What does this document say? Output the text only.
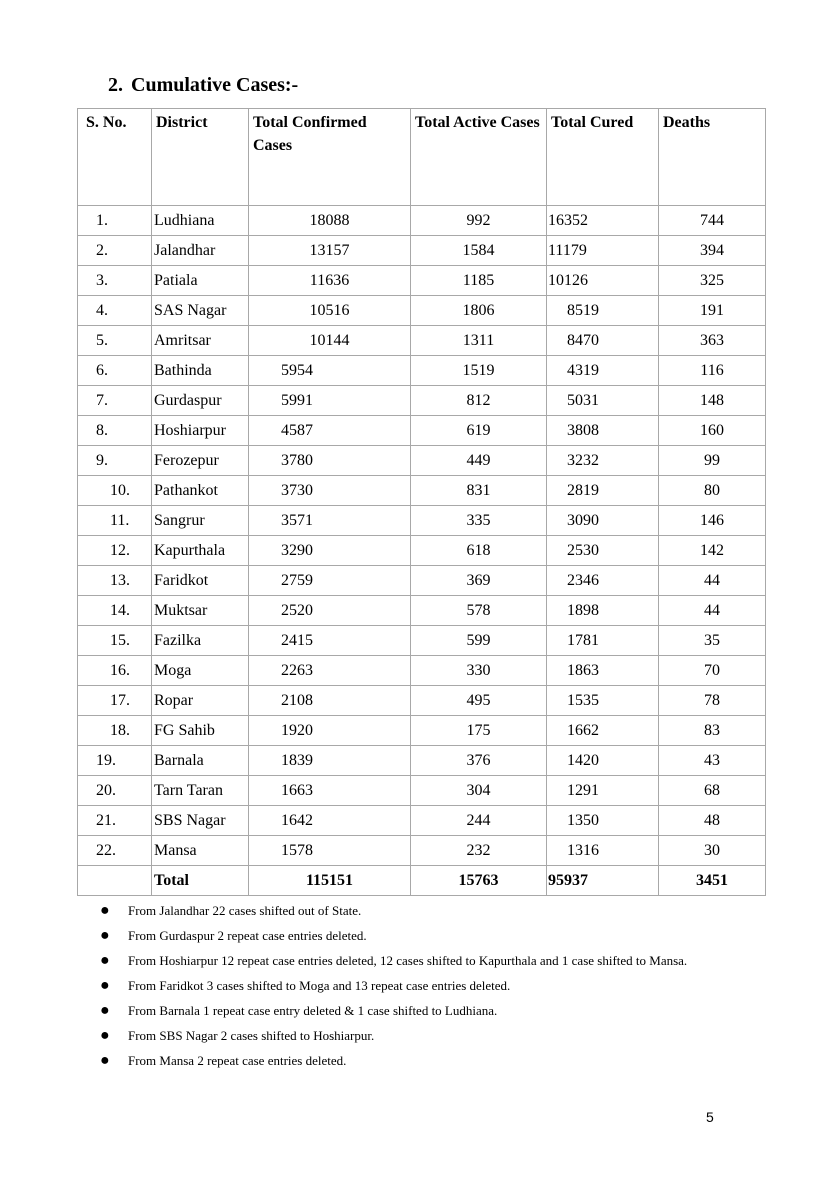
2. Cumulative Cases:-
S. No.	District	Total Confirmed Cases	Total Active Cases	Total Cured	Deaths
1.	Ludhiana	18088	992	16352	744
2.	Jalandhar	13157	1584	11179	394
3.	Patiala	11636	1185	10126	325
4.	SAS Nagar	10516	1806	8519	191
5.	Amritsar	10144	1311	8470	363
6.	Bathinda	5954	1519	4319	116
7.	Gurdaspur	5991	812	5031	148
8.	Hoshiarpur	4587	619	3808	160
9.	Ferozepur	3780	449	3232	99
10.	Pathankot	3730	831	2819	80
11.	Sangrur	3571	335	3090	146
12.	Kapurthala	3290	618	2530	142
13.	Faridkot	2759	369	2346	44
14.	Muktsar	2520	578	1898	44
15.	Fazilka	2415	599	1781	35
16.	Moga	2263	330	1863	70
17.	Ropar	2108	495	1535	78
18.	FG Sahib	1920	175	1662	83
19.	Barnala	1839	376	1420	43
20.	Tarn Taran	1663	304	1291	68
21.	SBS Nagar	1642	244	1350	48
22.	Mansa	1578	232	1316	30
	Total	115151	15763	95937	3451
● From Jalandhar 22 cases shifted out of State.
● From Gurdaspur 2 repeat case entries deleted.
● From Hoshiarpur 12 repeat case entries deleted, 12 cases shifted to Kapurthala and 1 case shifted to Mansa.
● From Faridkot 3 cases shifted to Moga and 13 repeat case entries deleted.
● From Barnala 1 repeat case entry deleted & 1 case shifted to Ludhiana.
● From SBS Nagar 2 cases shifted to Hoshiarpur.
● From Mansa 2 repeat case entries deleted.
5
